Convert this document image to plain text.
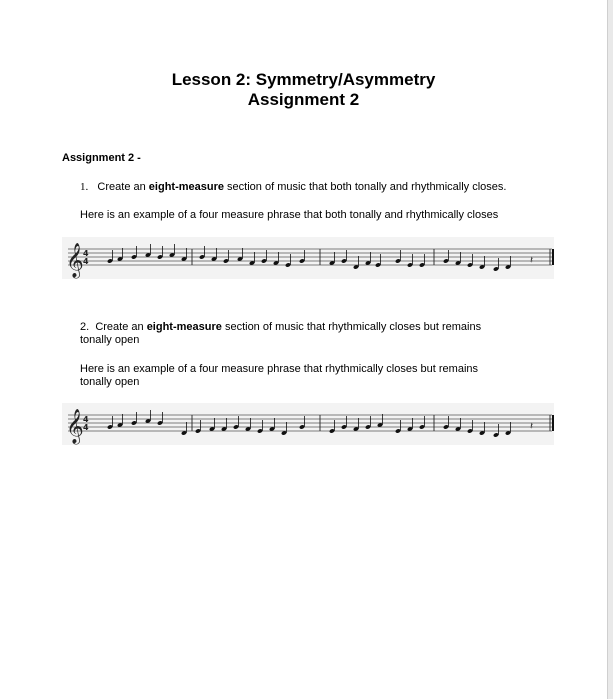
Lesson 2: Symmetry/Asymmetry
Assignment 2
Assignment 2 -
1. Create an eight-measure section of music that both tonally and rhythmically closes.
Here is an example of a four measure phrase that both tonally and rhythmically closes
𝄞 4
4	𝄽
2. Create an eight-measure section of music that rhythmically closes but remains
tonally open
Here is an example of a four measure phrase that rhythmically closes but remains
tonally open
𝄞 4
4	𝄽
